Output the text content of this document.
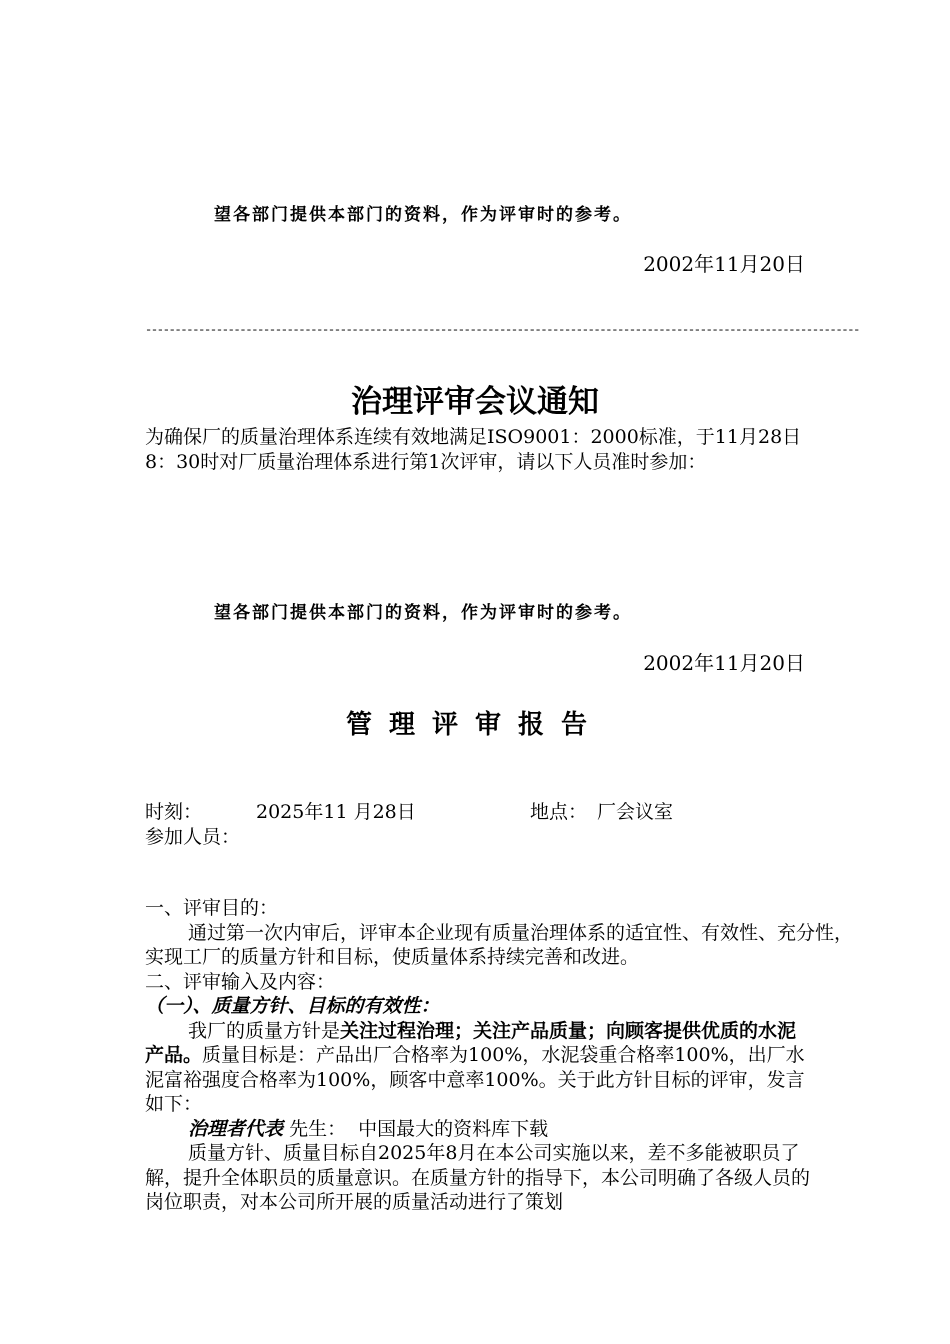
望各部门提供本部门的资料，作为评审时的参考。
2002年11月20日
-------------------------------------------------------------------------------------------------------------------------
治理评审会议通知
为确保厂的质量治理体系连续有效地满足ISO9001：2000标准，于11月28日8：30时对厂质量治理体系进行第1次评审，请以下人员准时参加：
望各部门提供本部门的资料，作为评审时的参考。
2002年11月20日
管理评审报告
时刻：	2025年11 月28日	地点： 厂会议室
参加人员：

一、评审目的：

通过第一次内审后，评审本企业现有质量治理体系的适宜性、有效性、充分性，实现工厂的质量方针和目标，使质量体系持续完善和改进。

二、评审输入及内容：

（一）、质量方针、目标的有效性：

我厂的质量方针是关注过程治理；关注产品质量；向顾客提供优质的水泥产品。质量目标是：产品出厂合格率为100%，水泥袋重合格率100%，出厂水泥富裕强度合格率为100%，顾客中意率100%。关于此方针目标的评审，发言如下：

治理者代表 先生： 中国最大的资料库下载

质量方针、质量目标自2025年8月在本公司实施以来，差不多能被职员了解，提升全体职员的质量意识。在质量方针的指导下，本公司明确了各级人员的岗位职责，对本公司所开展的质量活动进行了策划
